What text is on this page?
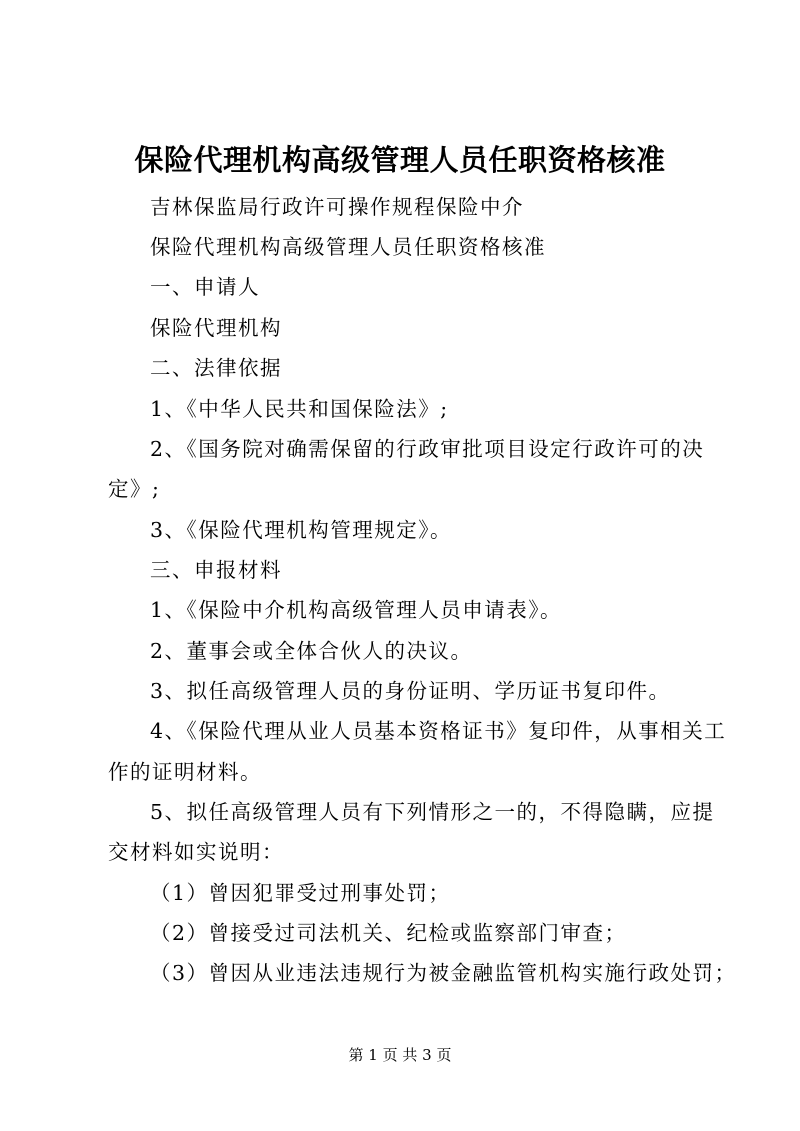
保险代理机构高级管理人员任职资格核准
吉林保监局行政许可操作规程保险中介
保险代理机构高级管理人员任职资格核准
一、申请人
保险代理机构
二、法律依据
1、《中华人民共和国保险法》;
2、《国务院对确需保留的行政审批项目设定行政许可的决
定》;
3、《保险代理机构管理规定》。
三、申报材料
1、《保险中介机构高级管理人员申请表》。
2、董事会或全体合伙人的决议。
3、拟任高级管理人员的身份证明、学历证书复印件。
4、《保险代理从业人员基本资格证书》复印件，从事相关工
作的证明材料。
5、拟任高级管理人员有下列情形之一的，不得隐瞒，应提
交材料如实说明：
（1）曾因犯罪受过刑事处罚；
（2）曾接受过司法机关、纪检或监察部门审查；
（3）曾因从业违法违规行为被金融监管机构实施行政处罚；
第 1 页 共 3 页
